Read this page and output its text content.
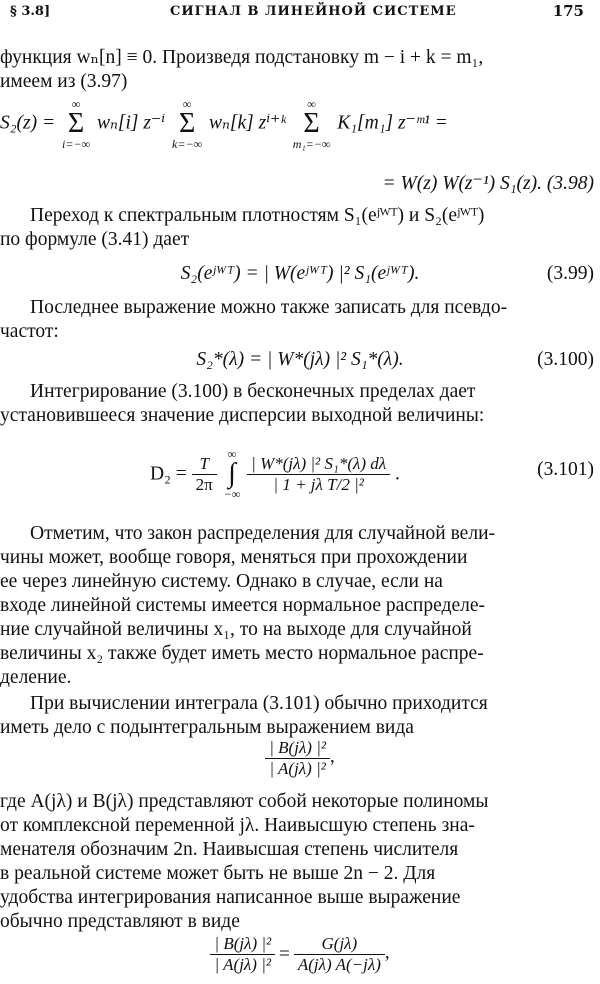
§ 3.8]	СИГНАЛ В ЛИНЕЙНОЙ СИСТЕМЕ	175

функция wₙ[n] ≡ 0. Произведя подстановку m − i + k = m₁,

имеем из (3.97)

S₂(z) =
∞
Σ
i=−∞
wₙ[i] z⁻ⁱ
∞
Σ
k=−∞
wₙ[k] zⁱ⁺ᵏ
∞
Σ
m₁=−∞
K₁[m₁] z⁻ᵐ¹ =
= W(z) W(z⁻¹) S₁(z). (3.98)

Переход к спектральным плотностям S₁(eʲᵂᵀ) и S₂(eʲᵂᵀ)

по формуле (3.41) дает

S₂(eʲᵂᵀ) = | W(eʲᵂᵀ) |² S₁(eʲᵂᵀ).	(3.99)

Последнее выражение можно также записать для псевдо-

частот:

S₂*(λ) = | W*(jλ) |² S₁*(λ).	(3.100)

Интегрирование (3.100) в бесконечных пределах дает

установившееся значение дисперсии выходной величины:

$D_2 = \frac{T}{2\pi}$
∞
∫
−∞
$\frac{\text{| W*(jλ) |² S₁*(λ) dλ}}{\text{| 1 + jλ T/2 |²}}$ .	(3.101)

Отметим, что закон распределения для случайной вели-

чины может, вообще говоря, меняться при прохождении

ее через линейную систему. Однако в случае, если на

входе линейной системы имеется нормальное распределе-

ние случайной величины x₁, то на выходе для случайной

величины x₂ также будет иметь место нормальное распре-

деление.

При вычислении интеграла (3.101) обычно приходится

иметь дело с подынтегральным выражением вида

$\frac{\text{| B(jλ) |²}}{\text{| A(jλ) |²}}$ ,

где A(jλ) и B(jλ) представляют собой некоторые полиномы

от комплексной переменной jλ. Наивысшую степень зна-

менателя обозначим 2n. Наивысшая степень числителя

в реальной системе может быть не выше 2n − 2. Для

удобства интегрирования написанное выше выражение

обычно представляют в виде

$\frac{\text{| B(jλ) |²}}{\text{| A(jλ) |²}} = \frac{G(j\lambda)}{A(j\lambda) A(-j\lambda)}$ ,
